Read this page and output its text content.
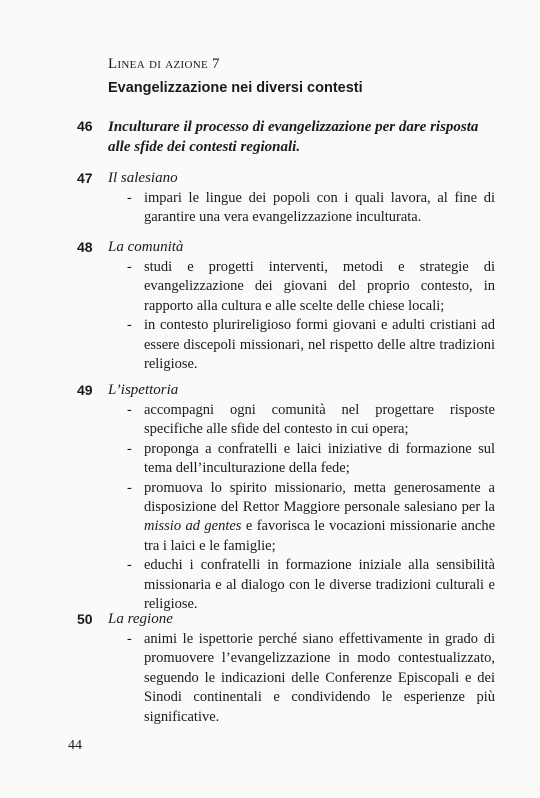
Linea di azione 7
Evangelizzazione nei diversi contesti
46 Inculturare il processo di evangelizzazione per dare risposta alle sfide dei contesti regionali.
47 Il salesiano
- impari le lingue dei popoli con i quali lavora, al fine di garantire una vera evangelizzazione inculturata.
48 La comunità
- studi e progetti interventi, metodi e strategie di evangelizzazione dei giovani del proprio contesto, in rapporto alla cultura e alle scelte delle chiese locali;
- in contesto plurireligioso formi giovani e adulti cristiani ad essere discepoli missionari, nel rispetto delle altre tradizioni religiose.
49 L’ispettoria
- accompagni ogni comunità nel progettare risposte specifiche alle sfide del contesto in cui opera;
- proponga a confratelli e laici iniziative di formazione sul tema dell’inculturazione della fede;
- promuova lo spirito missionario, metta generosamente a disposizione del Rettor Maggiore personale salesiano per la missio ad gentes e favorisca le vocazioni missionarie anche tra i laici e le famiglie;
- educhi i confratelli in formazione iniziale alla sensibilità missionaria e al dialogo con le diverse tradizioni culturali e religiose.
50 La regione
- animi le ispettorie perché siano effettivamente in grado di promuovere l’evangelizzazione in modo contestualizzato, seguendo le indicazioni delle Conferenze Episcopali e dei Sinodi continentali e condividendo le esperienze più significative.
44
